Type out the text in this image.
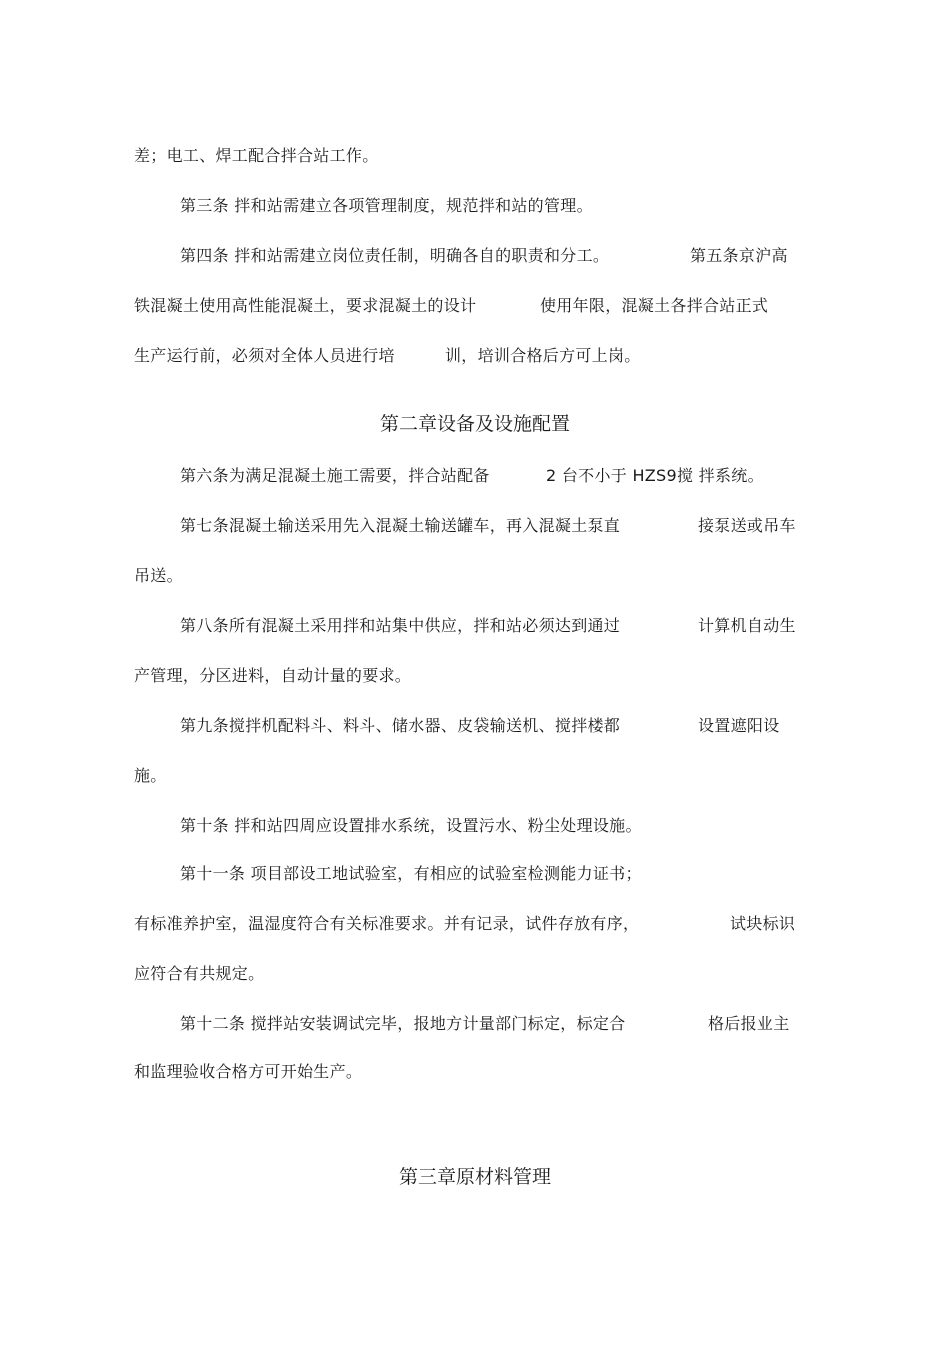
差；电工、焊工配合拌合站工作。
第三条 拌和站需建立各项管理制度，规范拌和站的管理。
第四条 拌和站需建立岗位责任制，明确各自的职责和分工。	第五条京沪高
铁混凝土使用高性能混凝土，要求混凝土的设计	使用年限，混凝土各拌合站正式
生产运行前，必须对全体人员进行培	训，培训合格后方可上岗。
第二章设备及设施配置
第六条为满足混凝土施工需要，拌合站配备	2 台不小于 HZS9搅 拌系统。
第七条混凝土输送采用先入混凝土输送罐车，再入混凝土泵直	接泵送或吊车
吊送。
第八条所有混凝土采用拌和站集中供应，拌和站必须达到通过	计算机自动生
产管理，分区进料，自动计量的要求。
第九条搅拌机配料斗、料斗、储水器、皮袋输送机、搅拌楼都	设置遮阳设
施。
第十条 拌和站四周应设置排水系统，设置污水、粉尘处理设施。
第十一条 项目部设工地试验室，有相应的试验室检测能力证书；
有标准养护室，温湿度符合有关标准要求。并有记录，试件存放有序，	试块标识
应符合有共规定。
第十二条 搅拌站安装调试完毕，报地方计量部门标定，标定合	格后报业主
和监理验收合格方可开始生产。
第三章原材料管理
